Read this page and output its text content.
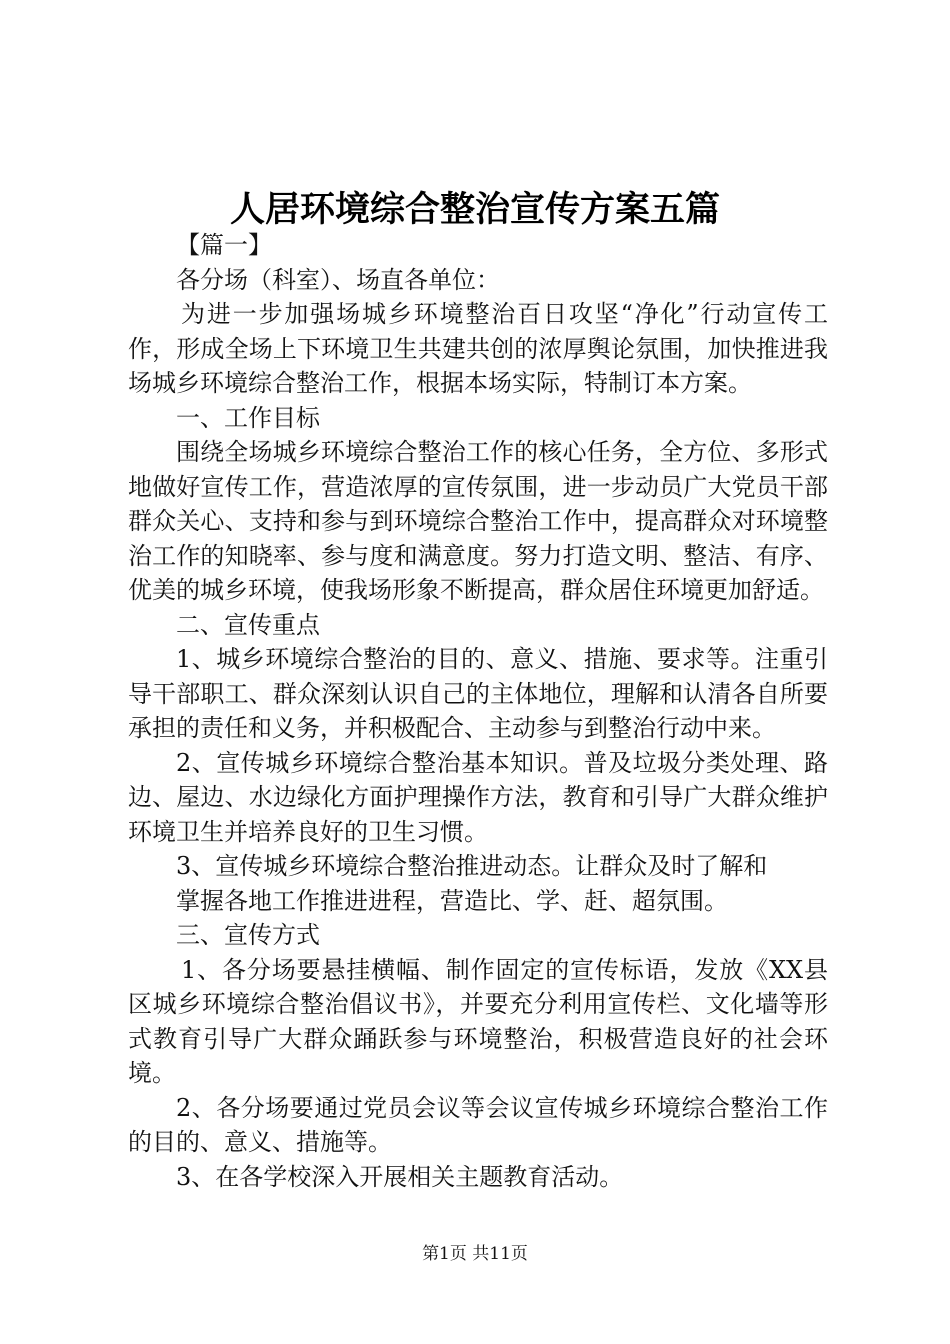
人居环境综合整治宣传方案五篇

【篇一】

各分场（科室）、场直各单位：

为进一步加强场城乡环境整治百日攻坚“净化”行动宣传工作，形成全场上下环境卫生共建共创的浓厚舆论氛围，加快推进我场城乡环境综合整治工作，根据本场实际，特制订本方案。

一、工作目标

围绕全场城乡环境综合整治工作的核心任务，全方位、多形式地做好宣传工作，营造浓厚的宣传氛围，进一步动员广大党员干部群众关心、支持和参与到环境综合整治工作中，提高群众对环境整治工作的知晓率、参与度和满意度。努力打造文明、整洁、有序、优美的城乡环境，使我场形象不断提高，群众居住环境更加舒适。

二、宣传重点

1、城乡环境综合整治的目的、意义、措施、要求等。注重引导干部职工、群众深刻认识自己的主体地位，理解和认清各自所要承担的责任和义务，并积极配合、主动参与到整治行动中来。

2、宣传城乡环境综合整治基本知识。普及垃圾分类处理、路边、屋边、水边绿化方面护理操作方法，教育和引导广大群众维护环境卫生并培养良好的卫生习惯。

3、宣传城乡环境综合整治推进动态。让群众及时了解和

掌握各地工作推进进程，营造比、学、赶、超氛围。

三、宣传方式

1、各分场要悬挂横幅、制作固定的宣传标语，发放《XX县区城乡环境综合整治倡议书》，并要充分利用宣传栏、文化墙等形式教育引导广大群众踊跃参与环境整治，积极营造良好的社会环境。

2、各分场要通过党员会议等会议宣传城乡环境综合整治工作的目的、意义、措施等。

3、在各学校深入开展相关主题教育活动。

第1页 共11页
